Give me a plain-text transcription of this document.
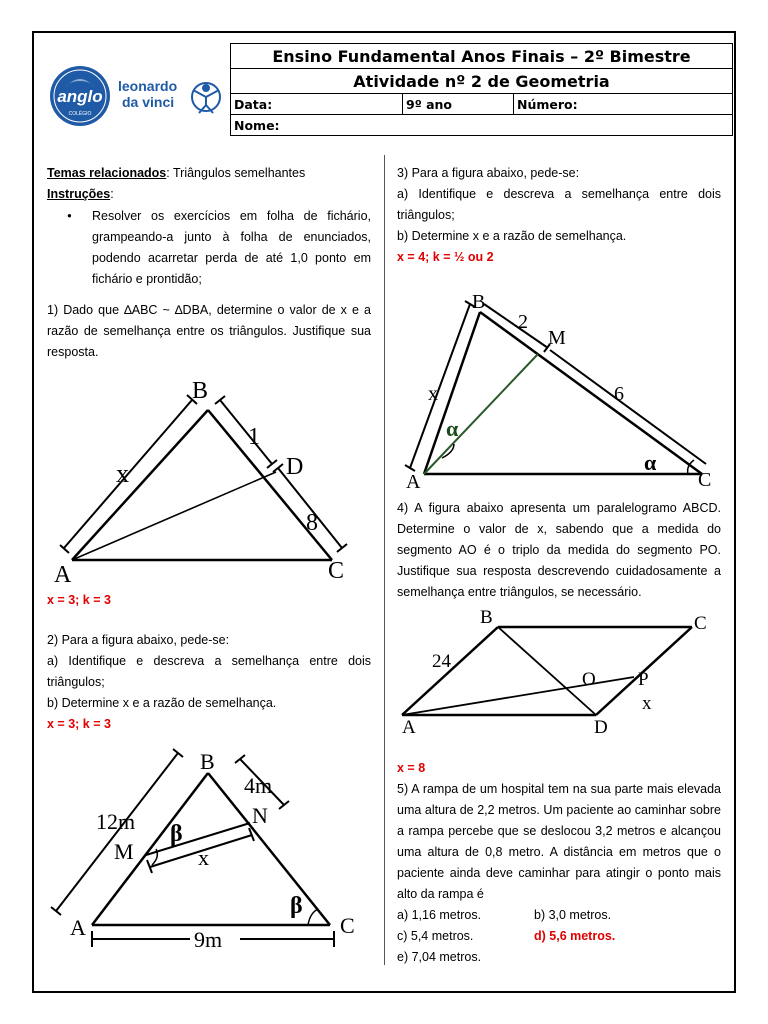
anglo
COLÉGIO
leonardo
da vinci
Ensino Fundamental Anos Finais – 2º Bimestre
Atividade nº 2 de Geometria
Data:	9º ano	Número:
Nome:

Temas relacionados: Triângulos semelhantes

Instruções:

•	Resolver os exercícios em folha de fichário, grampeando-a junto à folha de enunciados, podendo acarretar perda de até 1,0 ponto em fichário e prontidão;

1) Dado que ∆ABC ~ ∆DBA, determine o valor de x e a razão de semelhança entre os triângulos. Justifique sua resposta.

x = 3; k = 3

2) Para a figura abaixo, pede-se:

a) Identifique e descreva a semelhança entre dois triângulos;

b) Determine x e a razão de semelhança.

x = 3; k = 3

3) Para a figura abaixo, pede-se:

a) Identifique e descreva a semelhança entre dois triângulos;

b) Determine x e a razão de semelhança.

x = 4; k = ½ ou 2

4) A figura abaixo apresenta um paralelogramo ABCD. Determine o valor de x, sabendo que a medida do segmento AO é o triplo da medida do segmento PO. Justifique sua resposta descrevendo cuidadosamente a semelhança entre triângulos, se necessário.

x = 8

5) A rampa de um hospital tem na sua parte mais elevada uma altura de 2,2 metros. Um paciente ao caminhar sobre a rampa percebe que se deslocou 3,2 metros e alcançou uma altura de 0,8 metro. A distância em metros que o paciente ainda deve caminhar para atingir o ponto mais alto da rampa é

a) 1,16 metros.	b) 3,0 metros.
c) 5,4 metros.	d) 5,6 metros.

e) 7,04 metros.

A
B
C
D
x
1
8
A
B
C
M
N
x
12m
4m
9m
β
β
A
B
C
M
x
2
6
α
α
A
B	C
D
O P
x
24
